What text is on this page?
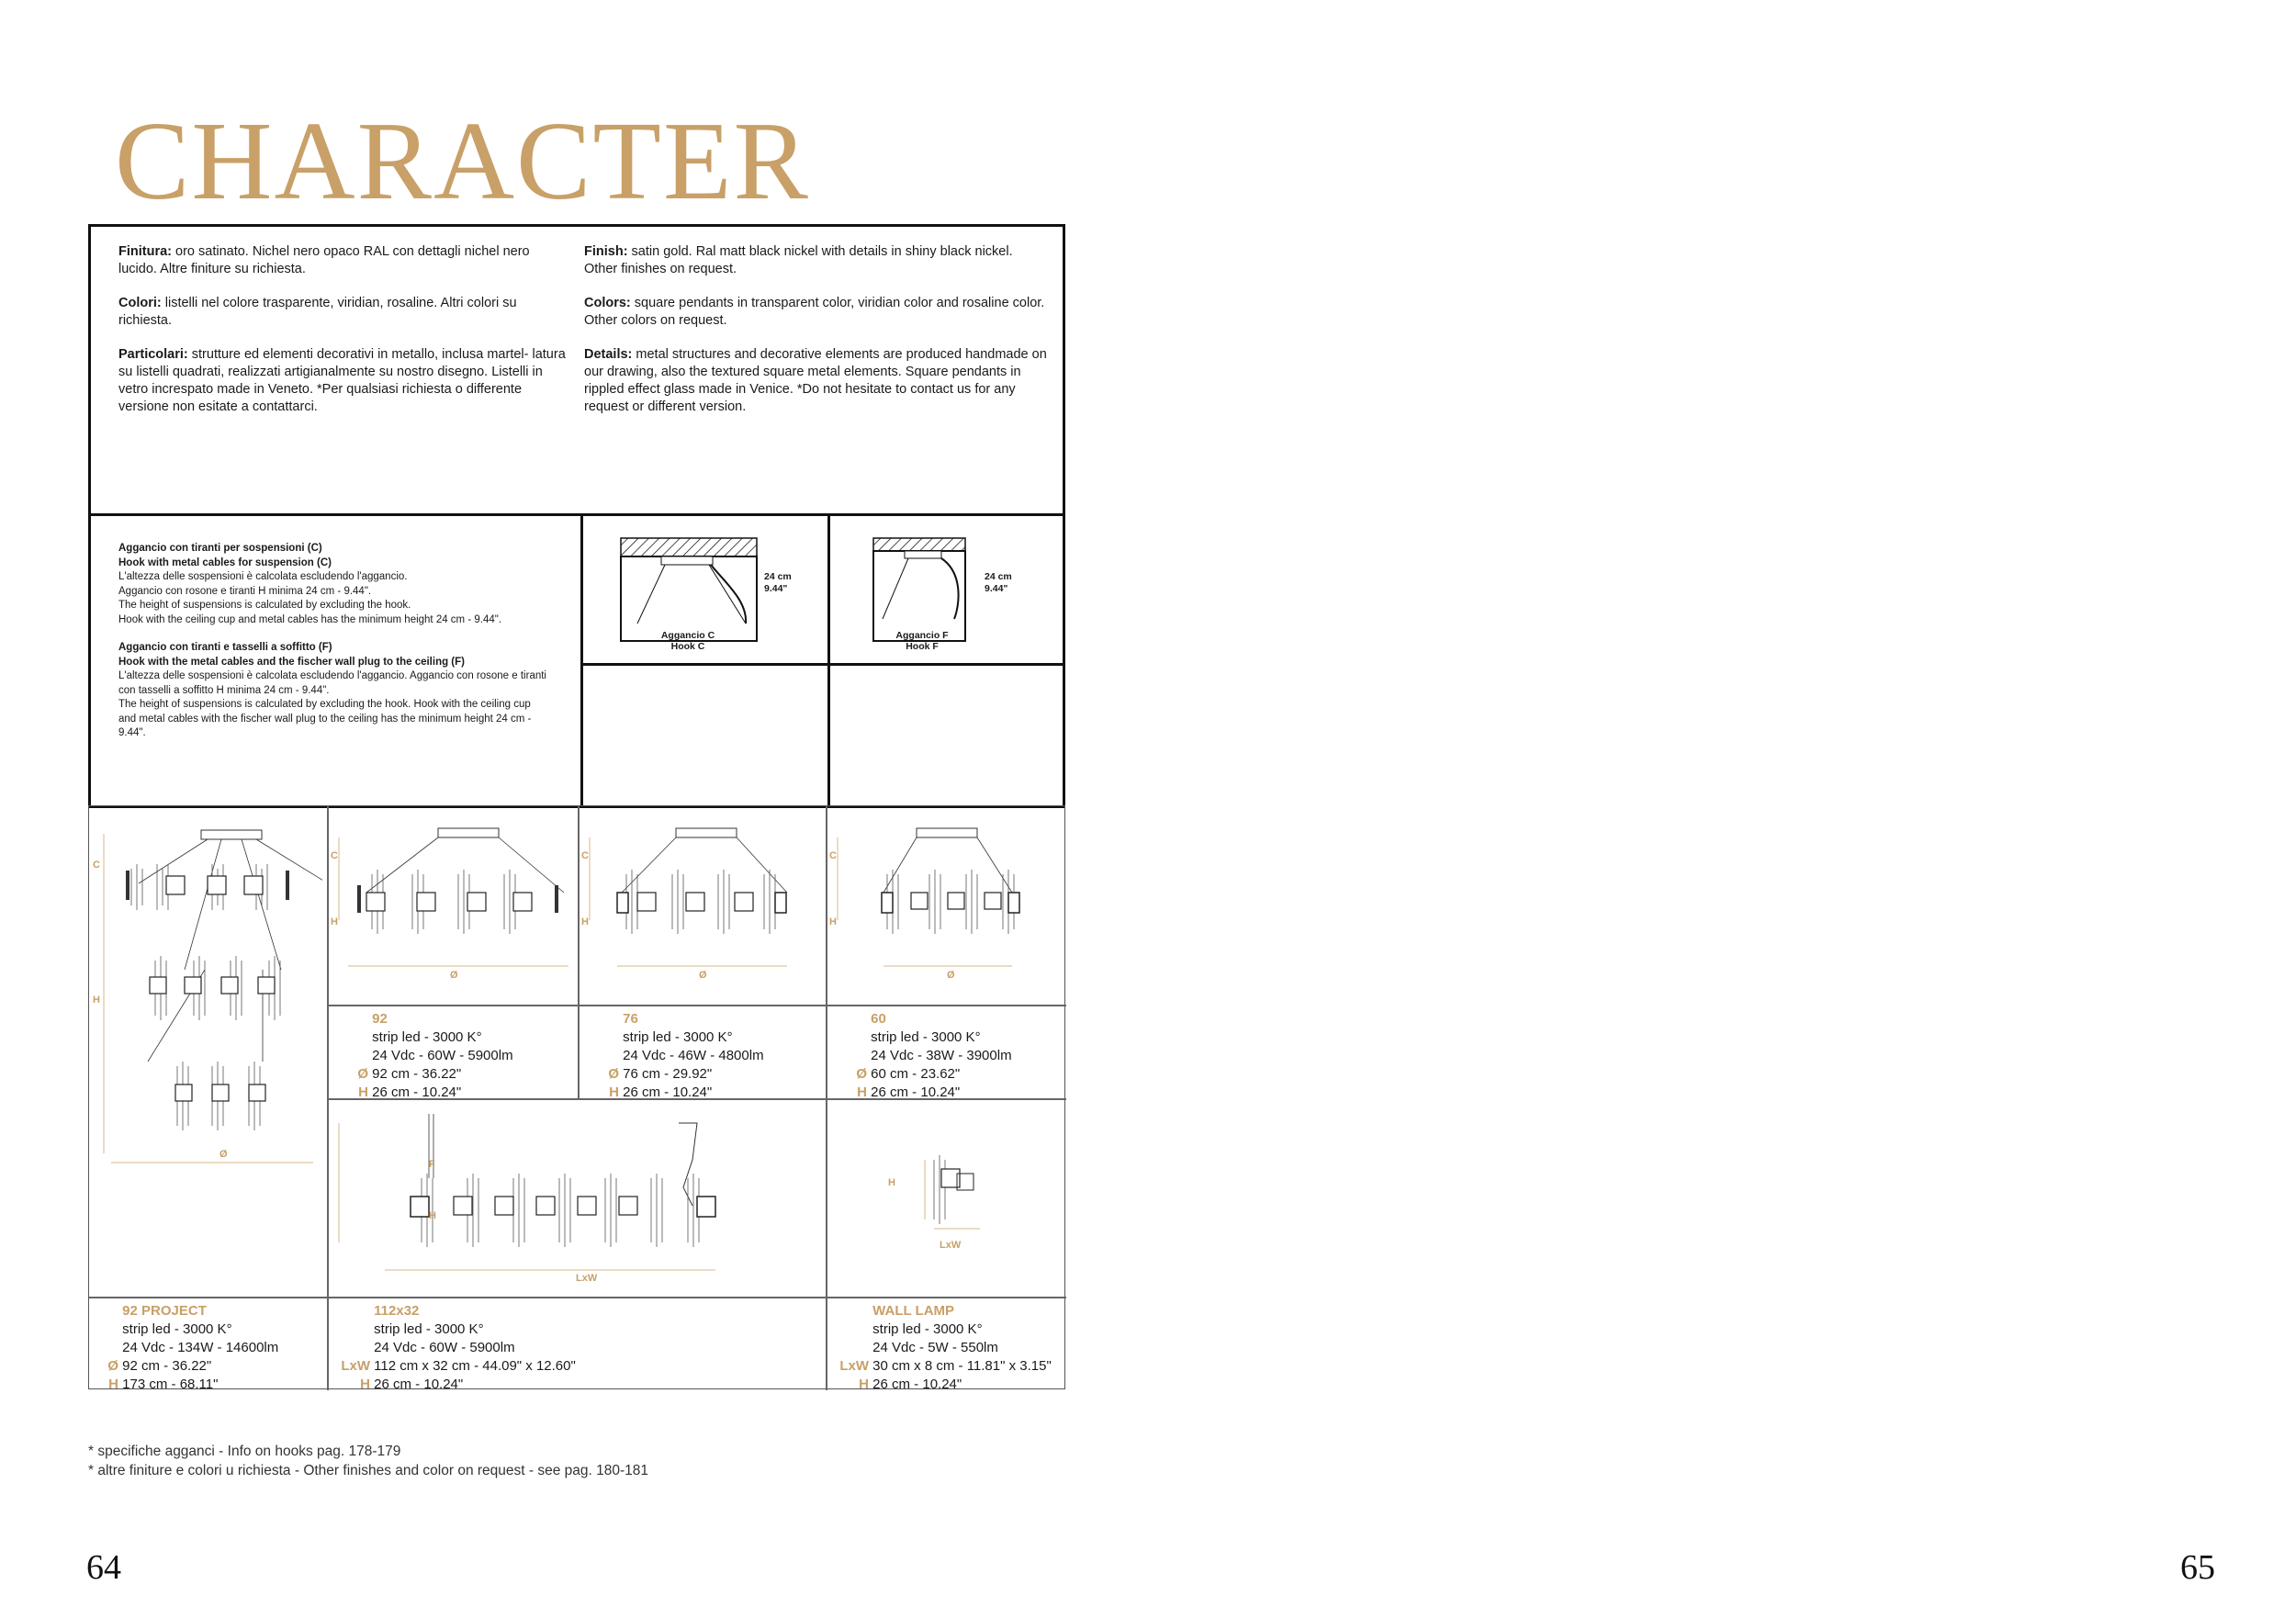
CHARACTER

Finitura: oro satinato. Nichel nero opaco RAL con dettagli nichel nero lucido. Altre finiture su richiesta.

Colori: listelli nel colore trasparente, viridian, rosaline. Altri colori su richiesta.

Particolari: strutture ed elementi decorativi in metallo, inclusa martel- latura su listelli quadrati, realizzati artigianalmente su nostro disegno. Listelli in vetro increspato made in Veneto. *Per qualsiasi richiesta o differente versione non esitate a contattarci.

Finish: satin gold. Ral matt black nickel with details in shiny black nickel. Other finishes on request.

Colors: square pendants in transparent color, viridian color and rosaline color. Other colors on request.

Details: metal structures and decorative elements are produced handmade on our drawing, also the textured square metal elements. Square pendants in rippled effect glass made in Venice. *Do not hesitate to contact us for any request or different version.

Aggancio con tiranti per sospensioni (C)
Hook with metal cables for suspension (C)
L'altezza delle sospensioni è calcolata escludendo l'aggancio.
Aggancio con rosone e tiranti H minima 24 cm - 9.44".
The height of suspensions is calculated by excluding the hook.
Hook with the ceiling cup and metal cables has the minimum height 24 cm - 9.44".
Aggancio con tiranti e tasselli a soffitto (F)
Hook with the metal cables and the fischer wall plug to the ceiling (F)
L'altezza delle sospensioni è calcolata escludendo l'aggancio. Aggancio con rosone e tiranti con tasselli a soffitto H minima 24 cm - 9.44".
The height of suspensions is calculated by excluding the hook. Hook with the ceiling cup and metal cables with the fischer wall plug to the ceiling has the minimum height 24 cm - 9.44".
24 cm
9.44"
Aggancio C
Hook C
24 cm
9.44"
Aggancio F
Hook F
C
H
Ø
C
H
Ø
C
H
Ø
C
H
Ø
F
H
LxW
H
LxW
92
strip led - 3000 K°
24 Vdc - 60W - 5900lm
Ø 92 cm - 36.22"
H 26 cm - 10.24"
76
strip led - 3000 K°
24 Vdc - 46W - 4800lm
Ø 76 cm - 29.92"
H 26 cm - 10.24"
60
strip led - 3000 K°
24 Vdc - 38W - 3900lm
Ø 60 cm - 23.62"
H 26 cm - 10.24"
92 PROJECT
strip led - 3000 K°
24 Vdc - 134W - 14600lm
Ø 92 cm - 36.22"
H 173 cm - 68.11"
112x32
strip led - 3000 K°
24 Vdc - 60W - 5900lm
LxW 112 cm x 32 cm - 44.09" x 12.60"
H 26 cm - 10.24"
WALL LAMP
strip led - 3000 K°
24 Vdc - 5W - 550lm
LxW 30 cm x 8 cm - 11.81" x 3.15"
H 26 cm - 10.24"
* specifiche agganci - Info on hooks pag. 178-179
* altre finiture e colori u richiesta - Other finishes and color on request - see pag. 180-181
64	65
